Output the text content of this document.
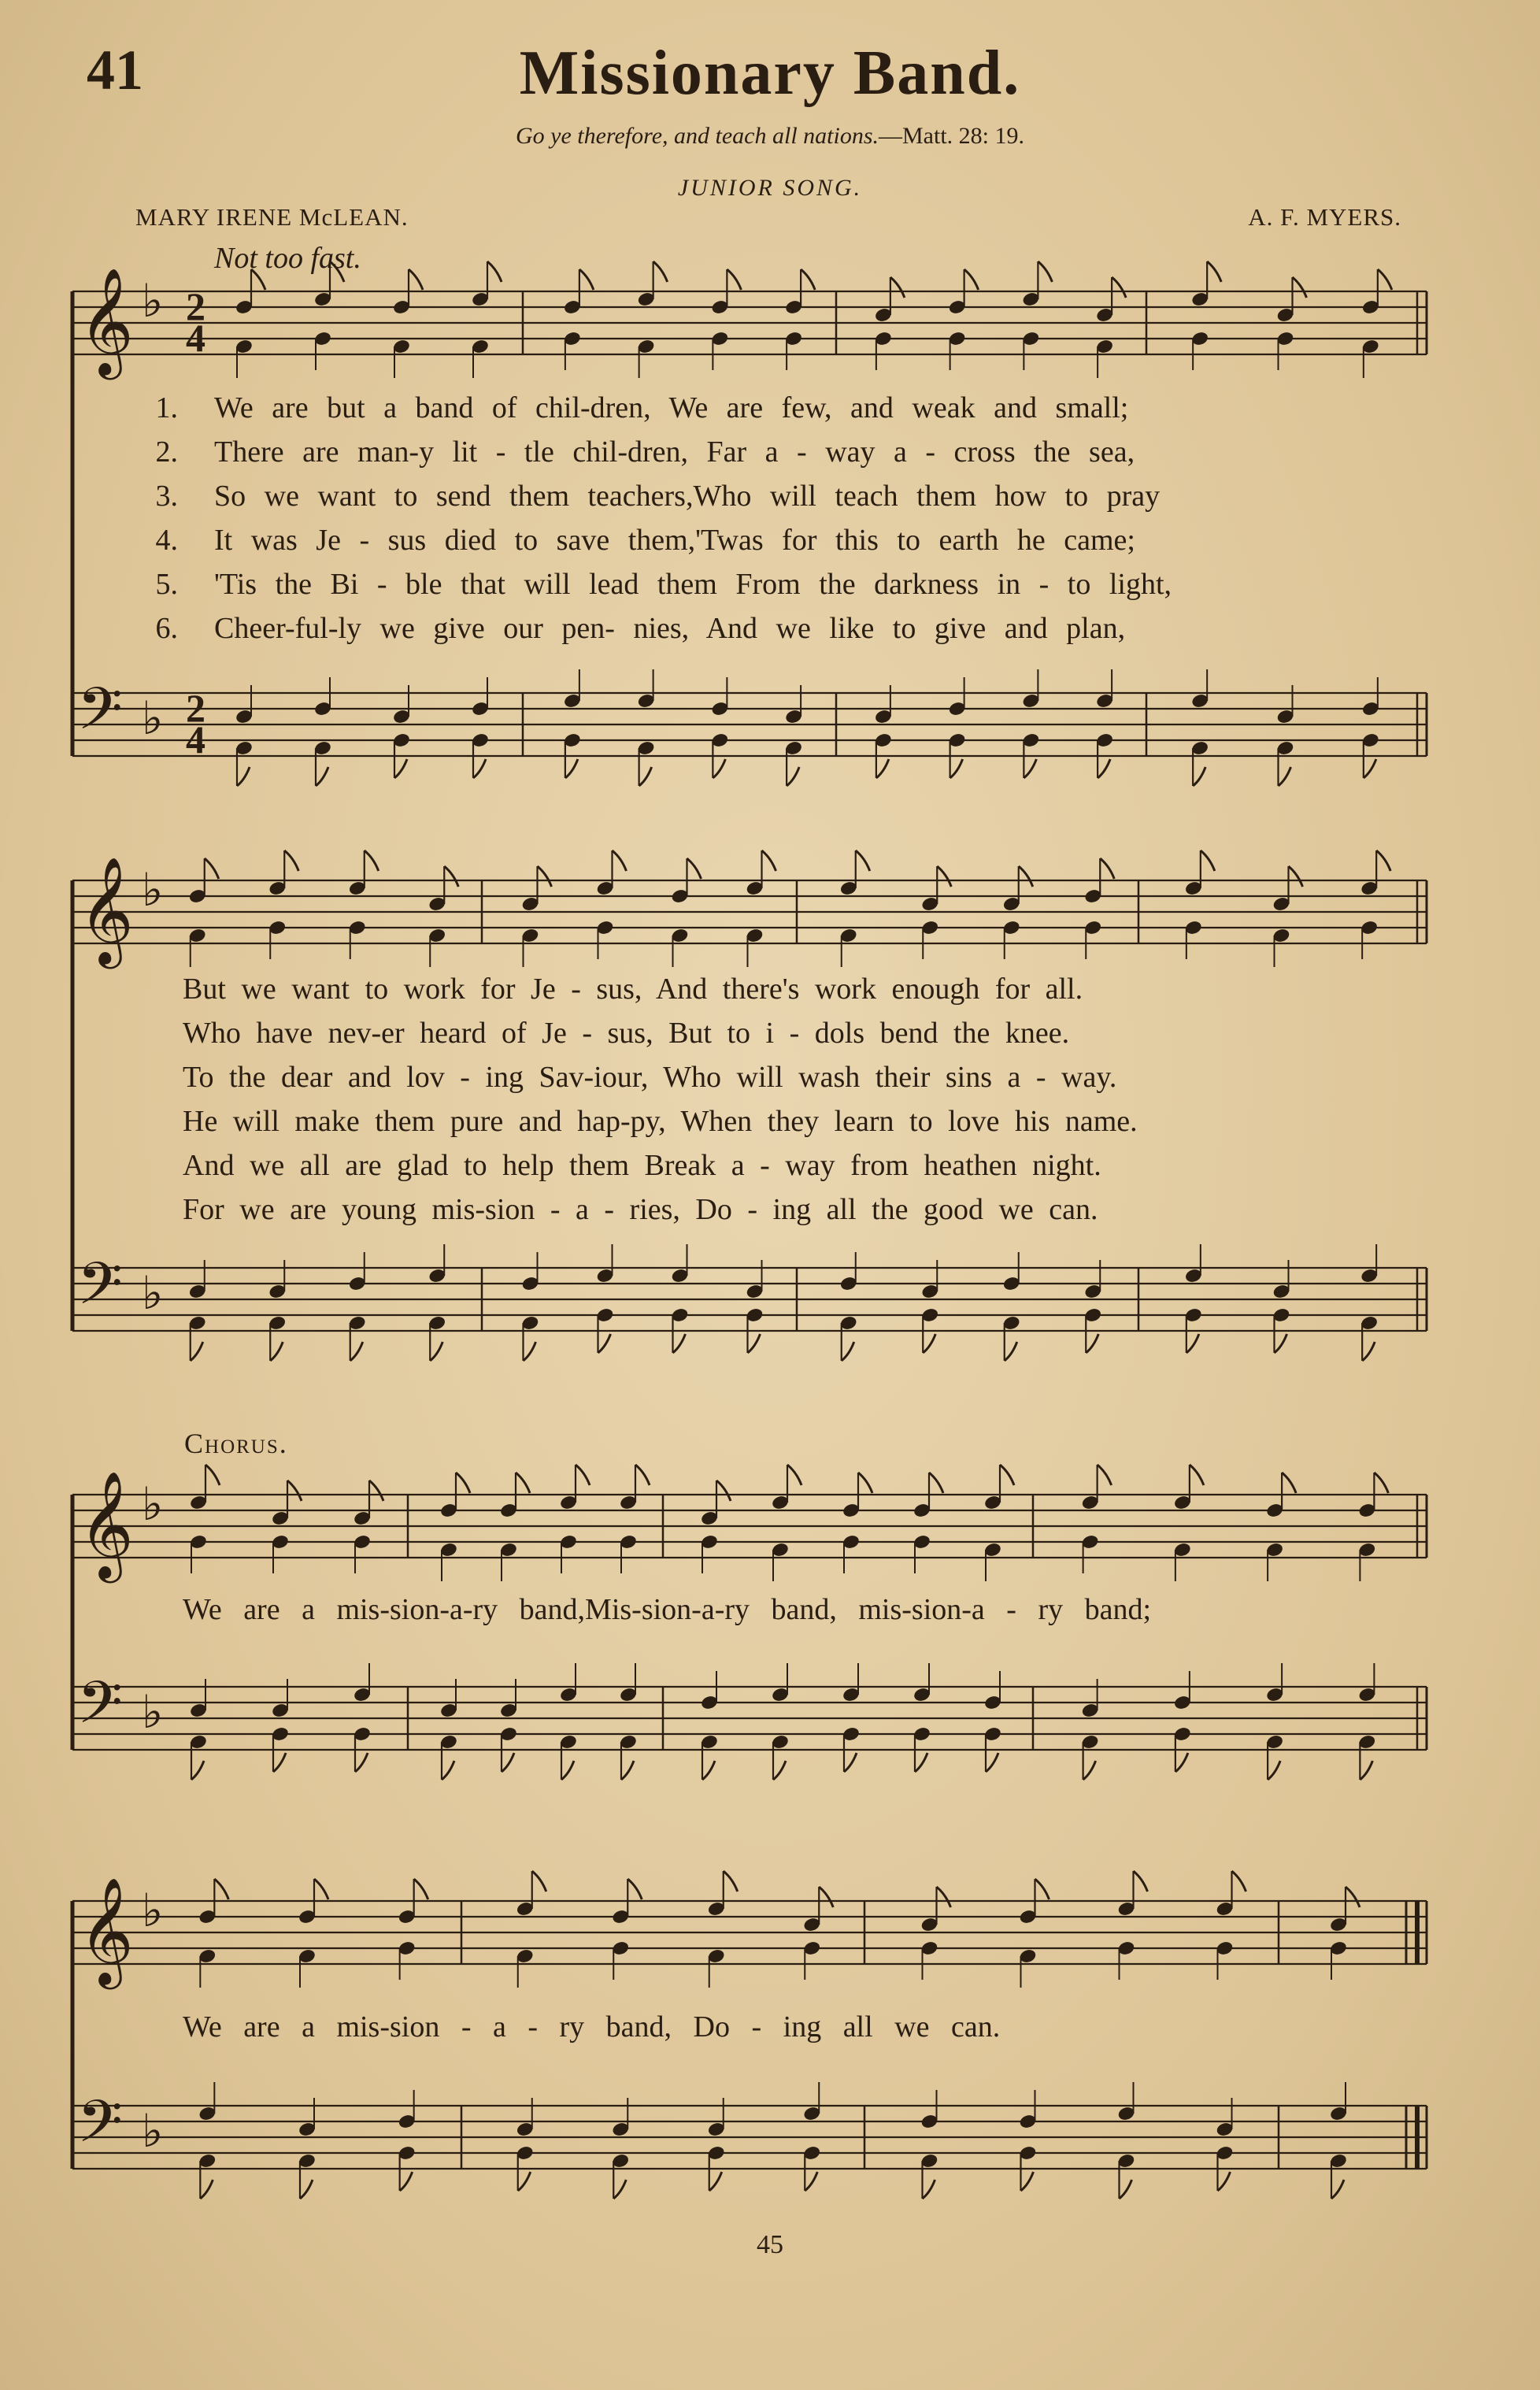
41	Missionary Band.
Go ye therefore, and teach all nations.—Matt. 28: 19.
JUNIOR SONG.
MARY IRENE McLEAN.	A. F. MYERS.
Not too fast.
𝄞 ♭ 2
4
𝄢 ♭ 2
4
𝄞 ♭
𝄢 ♭
𝄞 ♭
𝄢 ♭
𝄞 ♭
𝄢 ♭
1. We are but a band of chil-dren, We are few, and weak and small;
2. There are man-y lit - tle chil-dren, Far a - way a - cross the sea,
3. So we want to send them teachers,Who will teach them how to pray
4. It was Je - sus died to save them,'Twas for this to earth he came;
5. 'Tis the Bi - ble that will lead them From the darkness in - to light,
6. Cheer-ful-ly we give our pen- nies, And we like to give and plan,
But we want to work for Je - sus, And there's work enough for all.
Who have nev-er heard of Je - sus, But to i - dols bend the knee.
To the dear and lov - ing Sav-iour, Who will wash their sins a - way.
He will make them pure and hap-py, When they learn to love his name.
And we all are glad to help them Break a - way from heathen night.
For we are young mis-sion - a - ries, Do - ing all the good we can.
Chorus.
We are a mis-sion-a-ry band,Mis-sion-a-ry band, mis-sion-a - ry band;
We are a mis-sion - a - ry band, Do - ing all we can.
45
